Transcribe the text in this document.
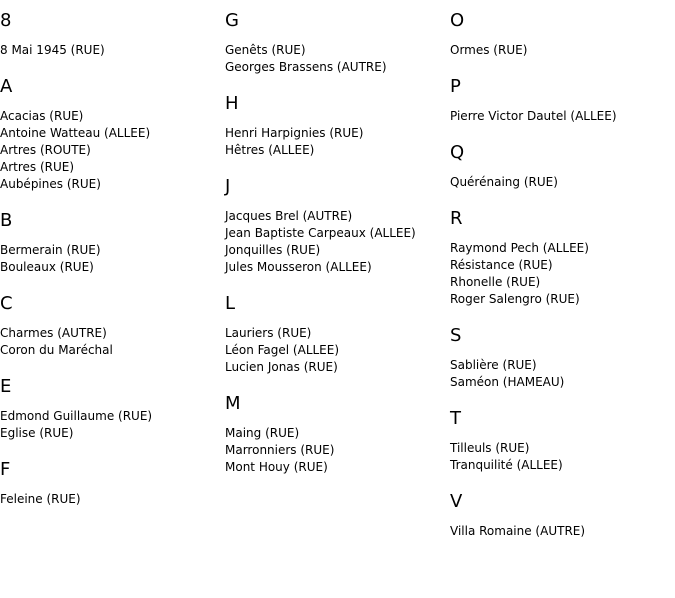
8
8 Mai 1945 (RUE)
A
Acacias (RUE)
Antoine Watteau (ALLEE)
Artres (ROUTE)
Artres (RUE)
Aubépines (RUE)
B
Bermerain (RUE)
Bouleaux (RUE)
C
Charmes (AUTRE)
Coron du Maréchal
E
Edmond Guillaume (RUE)
Eglise (RUE)
F
Feleine (RUE)
G
Genêts (RUE)
Georges Brassens (AUTRE)
H
Henri Harpignies (RUE)
Hêtres (ALLEE)
J
Jacques Brel (AUTRE)
Jean Baptiste Carpeaux (ALLEE)
Jonquilles (RUE)
Jules Mousseron (ALLEE)
L
Lauriers (RUE)
Léon Fagel (ALLEE)
Lucien Jonas (RUE)
M
Maing (RUE)
Marronniers (RUE)
Mont Houy (RUE)
O
Ormes (RUE)
P
Pierre Victor Dautel (ALLEE)
Q
Quérénaing (RUE)
R
Raymond Pech (ALLEE)
Résistance (RUE)
Rhonelle (RUE)
Roger Salengro (RUE)
S
Sablière (RUE)
Saméon (HAMEAU)
T
Tilleuls (RUE)
Tranquilité (ALLEE)
V
Villa Romaine (AUTRE)
